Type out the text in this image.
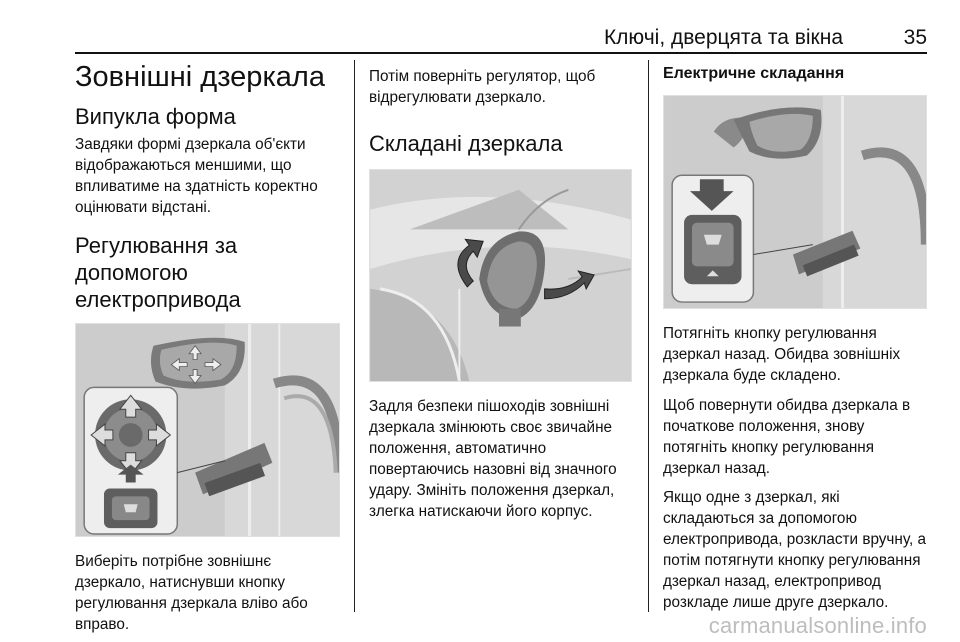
Ключі, дверцята та вікна	35
Зовнішні дзеркала
Випукла форма

Завдяки формі дзеркала об'єкти відображаються меншими, що впливатиме на здатність коректно оцінювати відстані.

Регулювання за допомогою електропривода

Виберіть потрібне зовнішнє дзеркало, натиснувши кнопку регулювання дзеркала вліво або вправо.

Потім поверніть регулятор, щоб відрегулювати дзеркало.

Складані дзеркала

Задля безпеки пішоходів зовнішні дзеркала змінюють своє звичайне положення, автоматично повертаючись назовні від значного удару. Змініть положення дзеркал, злегка натискаючи його корпус.

Електричне складання

Потягніть кнопку регулювання дзеркал назад. Обидва зовнішніх дзеркала буде складено.

Щоб повернути обидва дзеркала в початкове положення, знову потягніть кнопку регулювання дзеркал назад.

Якщо одне з дзеркал, які складаються за допомогою електропривода, розкласти вручну, а потім потягнути кнопку регулювання дзеркал назад, електропривод розкладе лише друге дзеркало.

carmanualsonline.info
